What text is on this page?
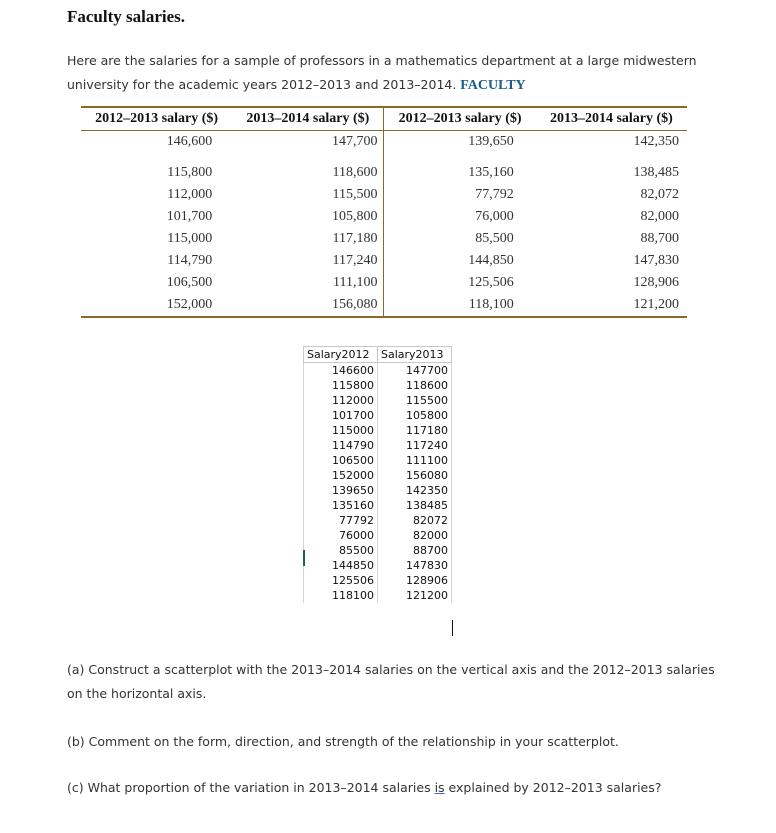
Faculty salaries.
Here are the salaries for a sample of professors in a mathematics department at a large midwestern university for the academic years 2012–2013 and 2013–2014. FACULTY
2012–2013 salary ($)	2013–2014 salary ($)	2012–2013 salary ($)	2013–2014 salary ($)
146,600	147,700	139,650	142,350

115,800	118,600	135,160	138,485
112,000	115,500	77,792	82,072
101,700	105,800	76,000	82,000
115,000	117,180	85,500	88,700
114,790	117,240	144,850	147,830
106,500	111,100	125,506	128,906
152,000	156,080	118,100	121,200
Salary2012	Salary2013
146600	147700
115800	118600
112000	115500
101700	105800
115000	117180
114790	117240
106500	111100
152000	156080
139650	142350
135160	138485
77792	82072
76000	82000
85500	88700
144850	147830
125506	128906
118100	121200
(a) Construct a scatterplot with the 2013–2014 salaries on the vertical axis and the 2012–2013 salaries on the horizontal axis.
(b) Comment on the form, direction, and strength of the relationship in your scatterplot.
(c) What proportion of the variation in 2013–2014 salaries is explained by 2012–2013 salaries?
